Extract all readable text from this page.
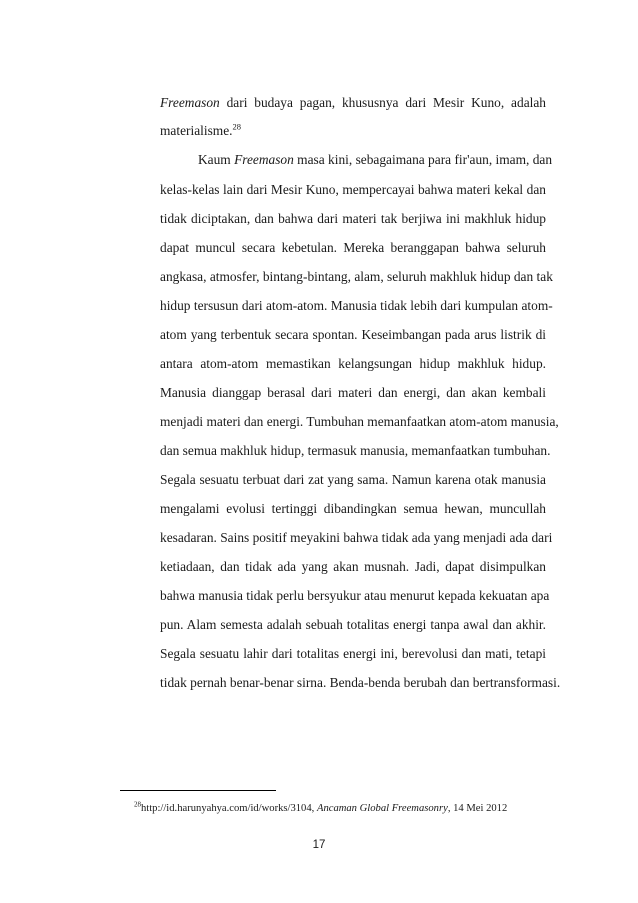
Freemason dari budaya pagan, khususnya dari Mesir Kuno, adalah
materialisme.$^{28}$
Kaum Freemason masa kini, sebagaimana para fir'aun, imam, dan
kelas-kelas lain dari Mesir Kuno, mempercayai bahwa materi kekal dan
tidak diciptakan, dan bahwa dari materi tak berjiwa ini makhluk hidup
dapat muncul secara kebetulan. Mereka beranggapan bahwa seluruh
angkasa, atmosfer, bintang-bintang, alam, seluruh makhluk hidup dan tak
hidup tersusun dari atom-atom. Manusia tidak lebih dari kumpulan atom-
atom yang terbentuk secara spontan. Keseimbangan pada arus listrik di
antara atom-atom memastikan kelangsungan hidup makhluk hidup.
Manusia dianggap berasal dari materi dan energi, dan akan kembali
menjadi materi dan energi. Tumbuhan memanfaatkan atom-atom manusia,
dan semua makhluk hidup, termasuk manusia, memanfaatkan tumbuhan.
Segala sesuatu terbuat dari zat yang sama. Namun karena otak manusia
mengalami evolusi tertinggi dibandingkan semua hewan, muncullah
kesadaran. Sains positif meyakini bahwa tidak ada yang menjadi ada dari
ketiadaan, dan tidak ada yang akan musnah. Jadi, dapat disimpulkan
bahwa manusia tidak perlu bersyukur atau menurut kepada kekuatan apa
pun. Alam semesta adalah sebuah totalitas energi tanpa awal dan akhir.
Segala sesuatu lahir dari totalitas energi ini, berevolusi dan mati, tetapi
tidak pernah benar-benar sirna. Benda-benda berubah dan bertransformasi.
$^{28}$http://id.harunyahya.com/id/works/3104, Ancaman Global Freemasonry, 14 Mei 2012
17
